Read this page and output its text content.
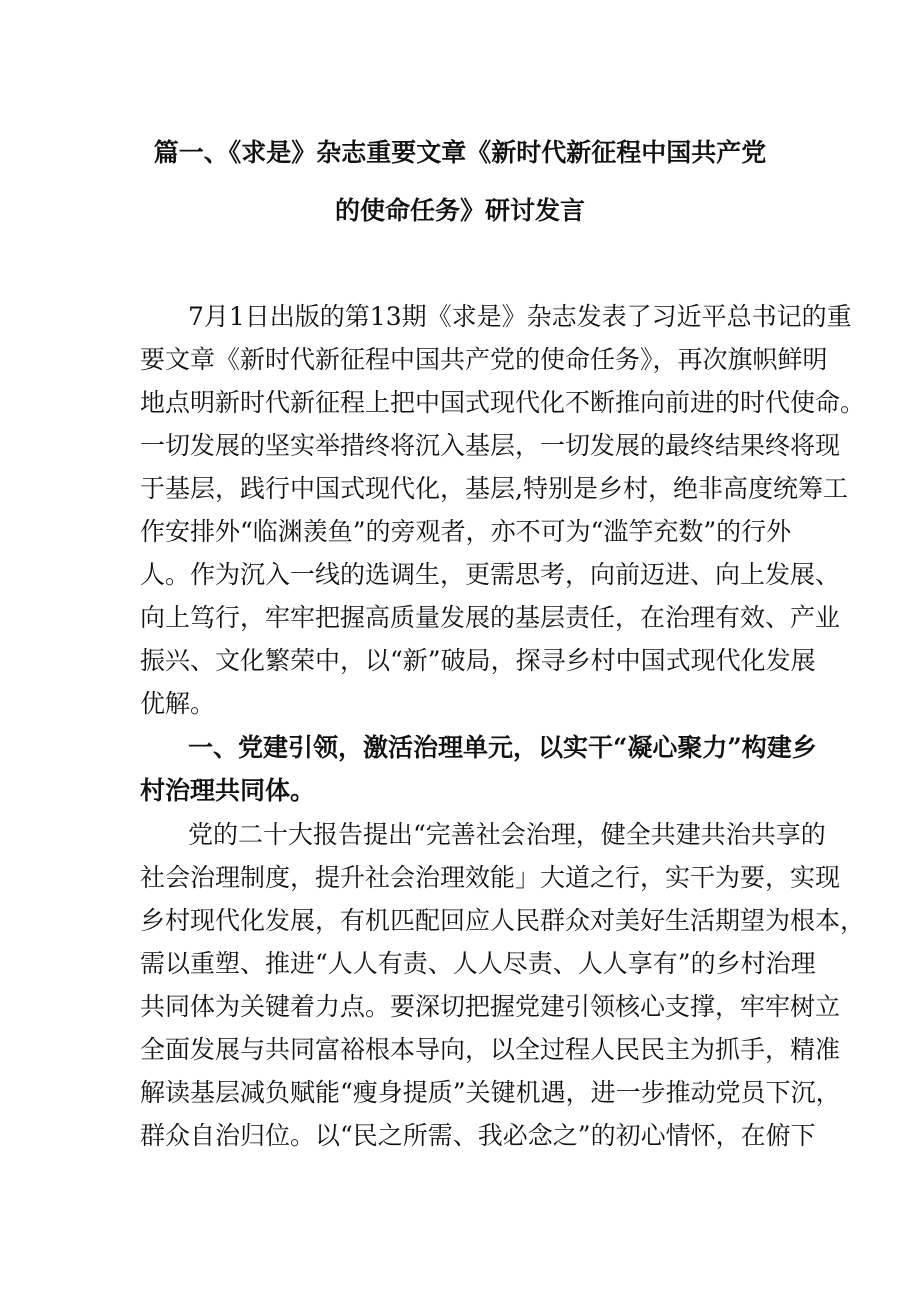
篇一、《求是》杂志重要文章《新时代新征程中国共产党
的使命任务》研讨发言
7月1日出版的第13期《求是》杂志发表了习近平总书记的重
要文章《新时代新征程中国共产党的使命任务》，再次旗帜鲜明
地点明新时代新征程上把中国式现代化不断推向前进的时代使命。
一切发展的坚实举措终将沉入基层，一切发展的最终结果终将现
于基层，践行中国式现代化，基层,特别是乡村，绝非高度统筹工
作安排外“临渊羡鱼”的旁观者，亦不可为“滥竽充数”的行外
人。作为沉入一线的选调生，更需思考，向前迈进、向上发展、
向上笃行，牢牢把握高质量发展的基层责任，在治理有效、产业
振兴、文化繁荣中，以“新”破局，探寻乡村中国式现代化发展
优解。
一、党建引领，激活治理单元，以实干“凝心聚力”构建乡
村治理共同体。
党的二十大报告提出“完善社会治理，健全共建共治共享的
社会治理制度，提升社会治理效能」大道之行，实干为要，实现
乡村现代化发展，有机匹配回应人民群众对美好生活期望为根本，
需以重塑、推进“人人有责、人人尽责、人人享有”的乡村治理
共同体为关键着力点。要深切把握党建引领核心支撑，牢牢树立
全面发展与共同富裕根本导向，以全过程人民民主为抓手，精准
解读基层减负赋能“瘦身提质”关键机遇，进一步推动党员下沉，
群众自治归位。以“民之所需、我必念之”的初心情怀，在俯下
